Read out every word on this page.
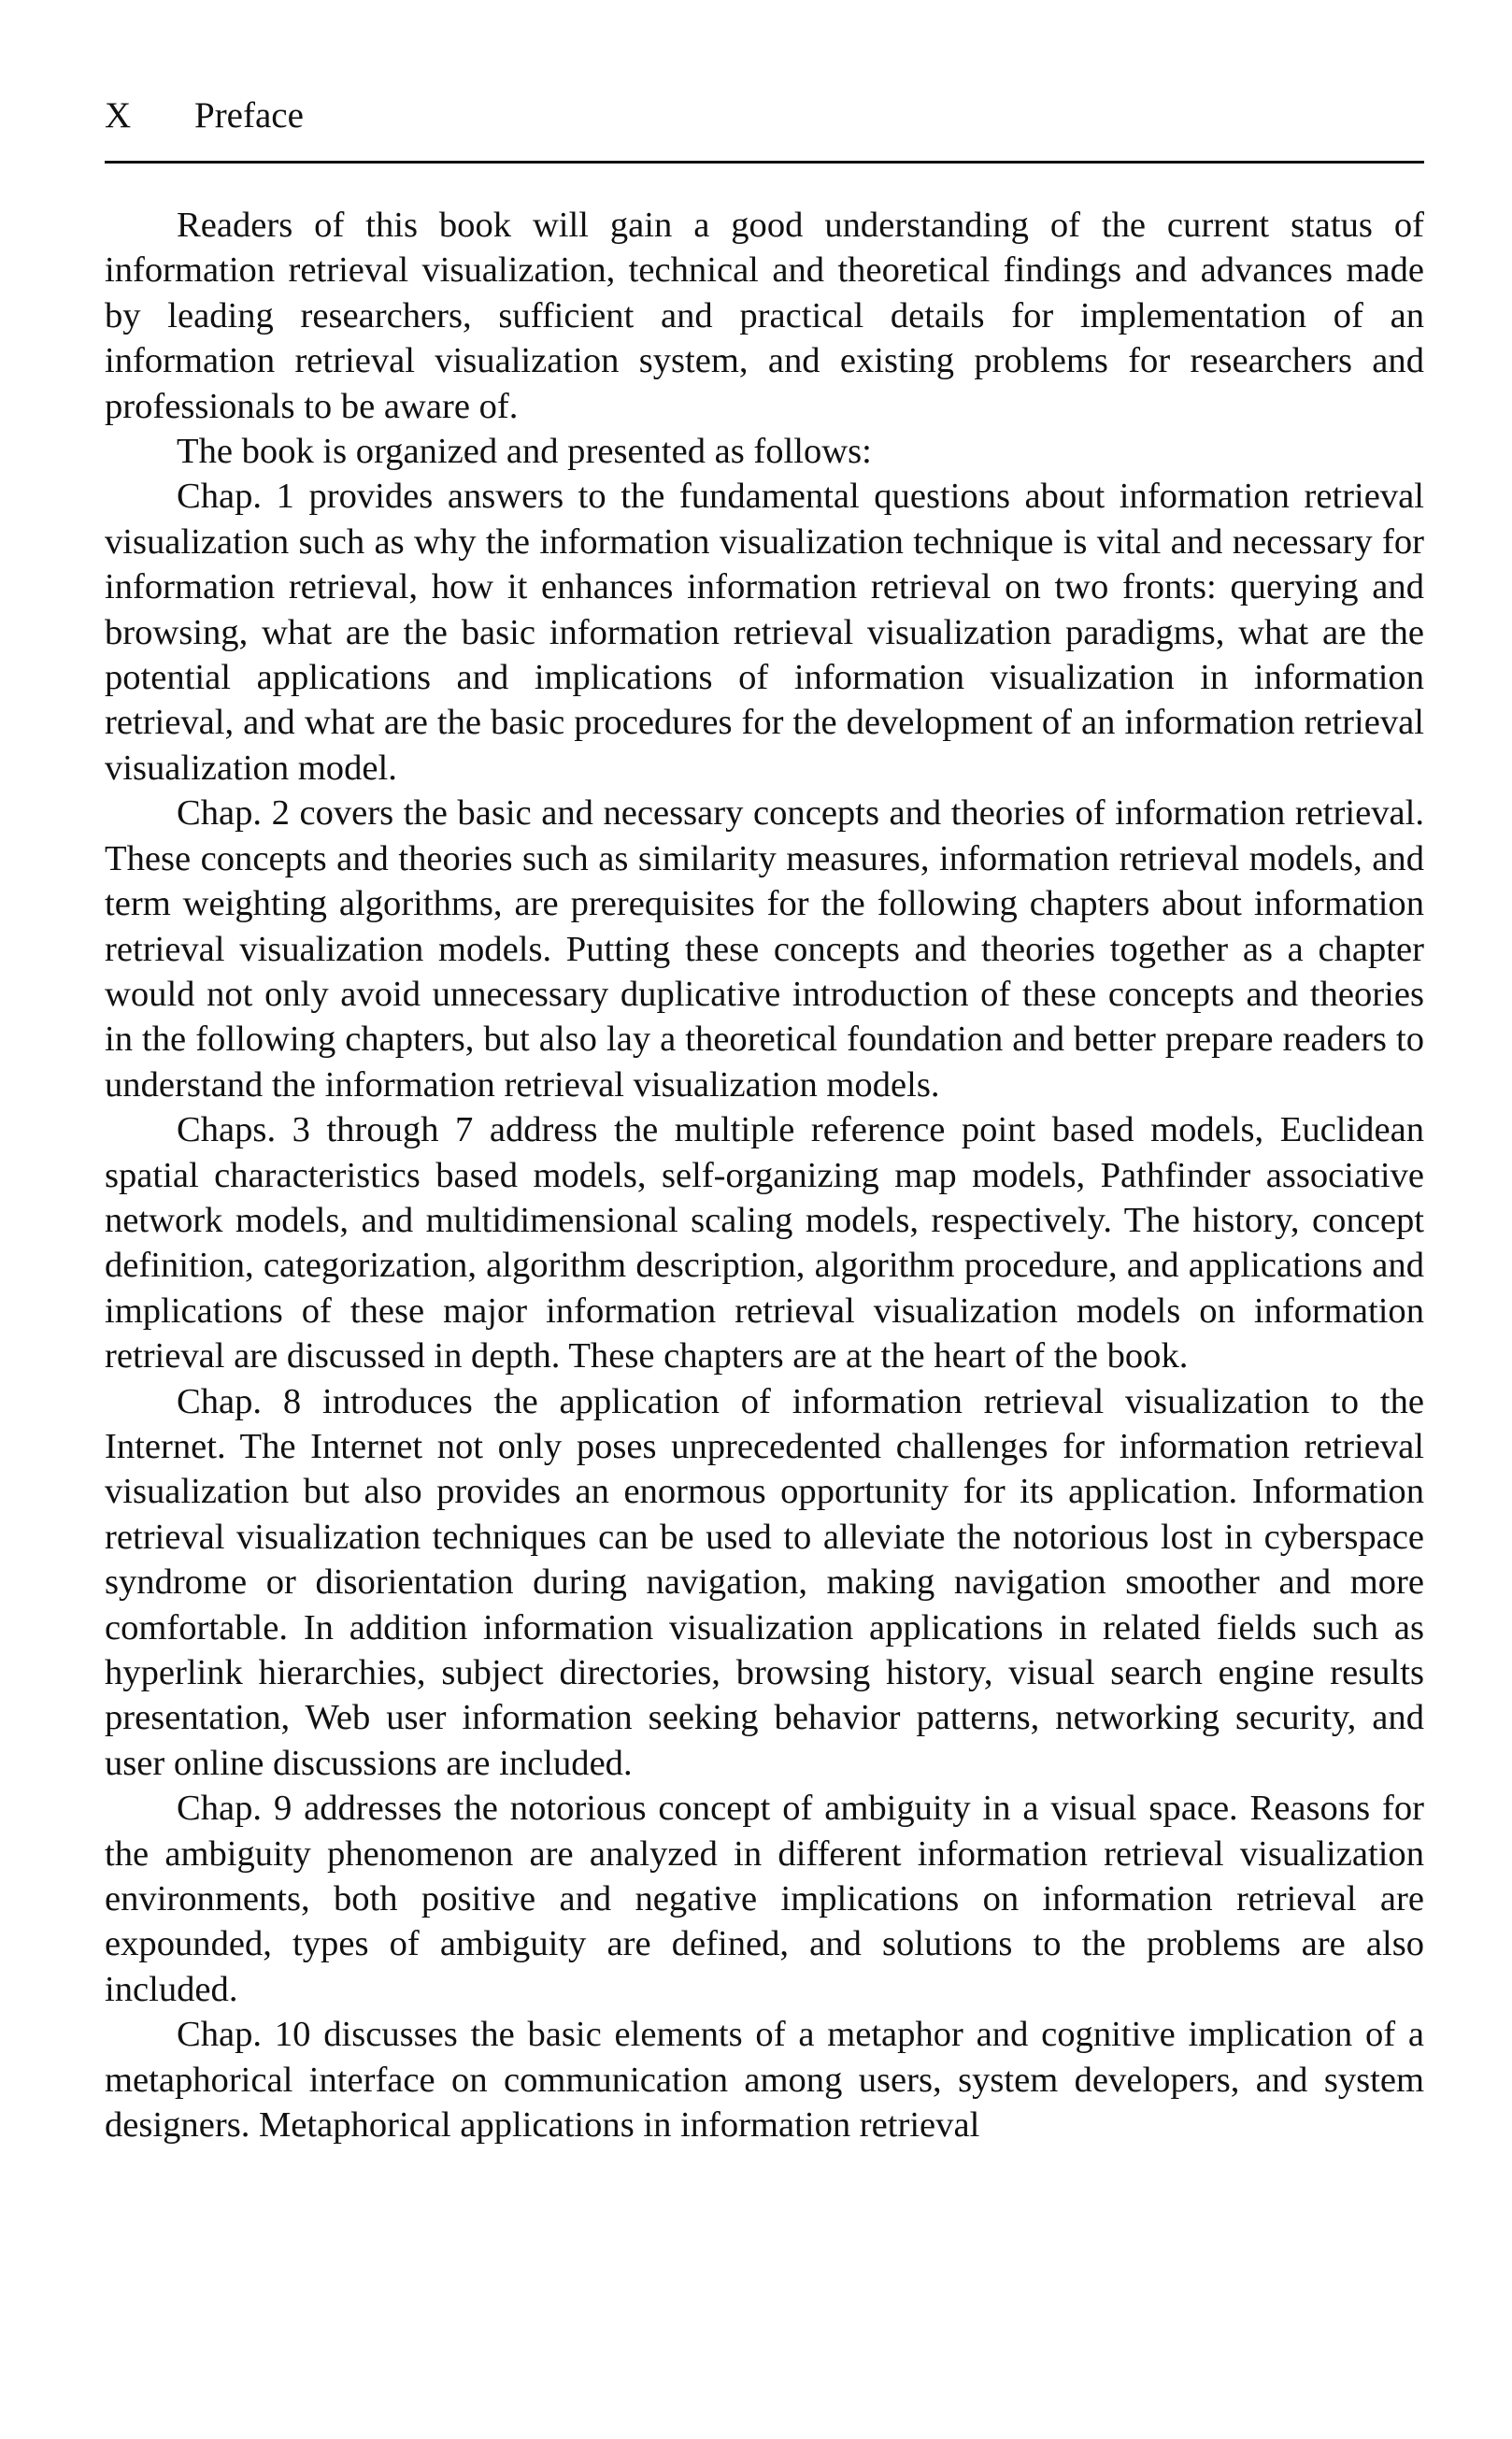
X	Preface

Readers of this book will gain a good understanding of the current status of information retrieval visualization, technical and theoretical findings and advances made by leading researchers, sufficient and practical details for implementation of an information retrieval visualization system, and existing problems for researchers and professionals to be aware of.

The book is organized and presented as follows:

Chap. 1 provides answers to the fundamental questions about information retrieval visualization such as why the information visualization technique is vital and necessary for information retrieval, how it enhances information retrieval on two fronts: querying and browsing, what are the basic information retrieval visualization paradigms, what are the potential applications and implications of information visualization in information retrieval, and what are the basic procedures for the development of an information retrieval visualization model.

Chap. 2 covers the basic and necessary concepts and theories of information retrieval. These concepts and theories such as similarity measures, information retrieval models, and term weighting algorithms, are prerequisites for the following chapters about information retrieval visualization models. Putting these concepts and theories together as a chapter would not only avoid unnecessary duplicative introduction of these concepts and theories in the following chapters, but also lay a theoretical foundation and better prepare readers to understand the information retrieval visualization models.

Chaps. 3 through 7 address the multiple reference point based models, Euclidean spatial characteristics based models, self-organizing map models, Pathfinder associative network models, and multidimensional scaling models, respectively. The history, concept definition, categorization, algorithm description, algorithm procedure, and applications and implications of these major information retrieval visualization models on information retrieval are discussed in depth. These chapters are at the heart of the book.

Chap. 8 introduces the application of information retrieval visualization to the Internet. The Internet not only poses unprecedented challenges for information retrieval visualization but also provides an enormous opportunity for its application. Information retrieval visualization techniques can be used to alleviate the notorious lost in cyberspace syndrome or disorientation during navigation, making navigation smoother and more comfortable. In addition information visualization applications in related fields such as hyperlink hierarchies, subject directories, browsing history, visual search engine results presentation, Web user information seeking behavior patterns, networking security, and user online discussions are included.

Chap. 9 addresses the notorious concept of ambiguity in a visual space. Reasons for the ambiguity phenomenon are analyzed in different information retrieval visualization environments, both positive and negative implications on information retrieval are expounded, types of ambiguity are defined, and solutions to the problems are also included.

Chap. 10 discusses the basic elements of a metaphor and cognitive implication of a metaphorical interface on communication among users, system developers, and system designers. Metaphorical applications in information retrieval
